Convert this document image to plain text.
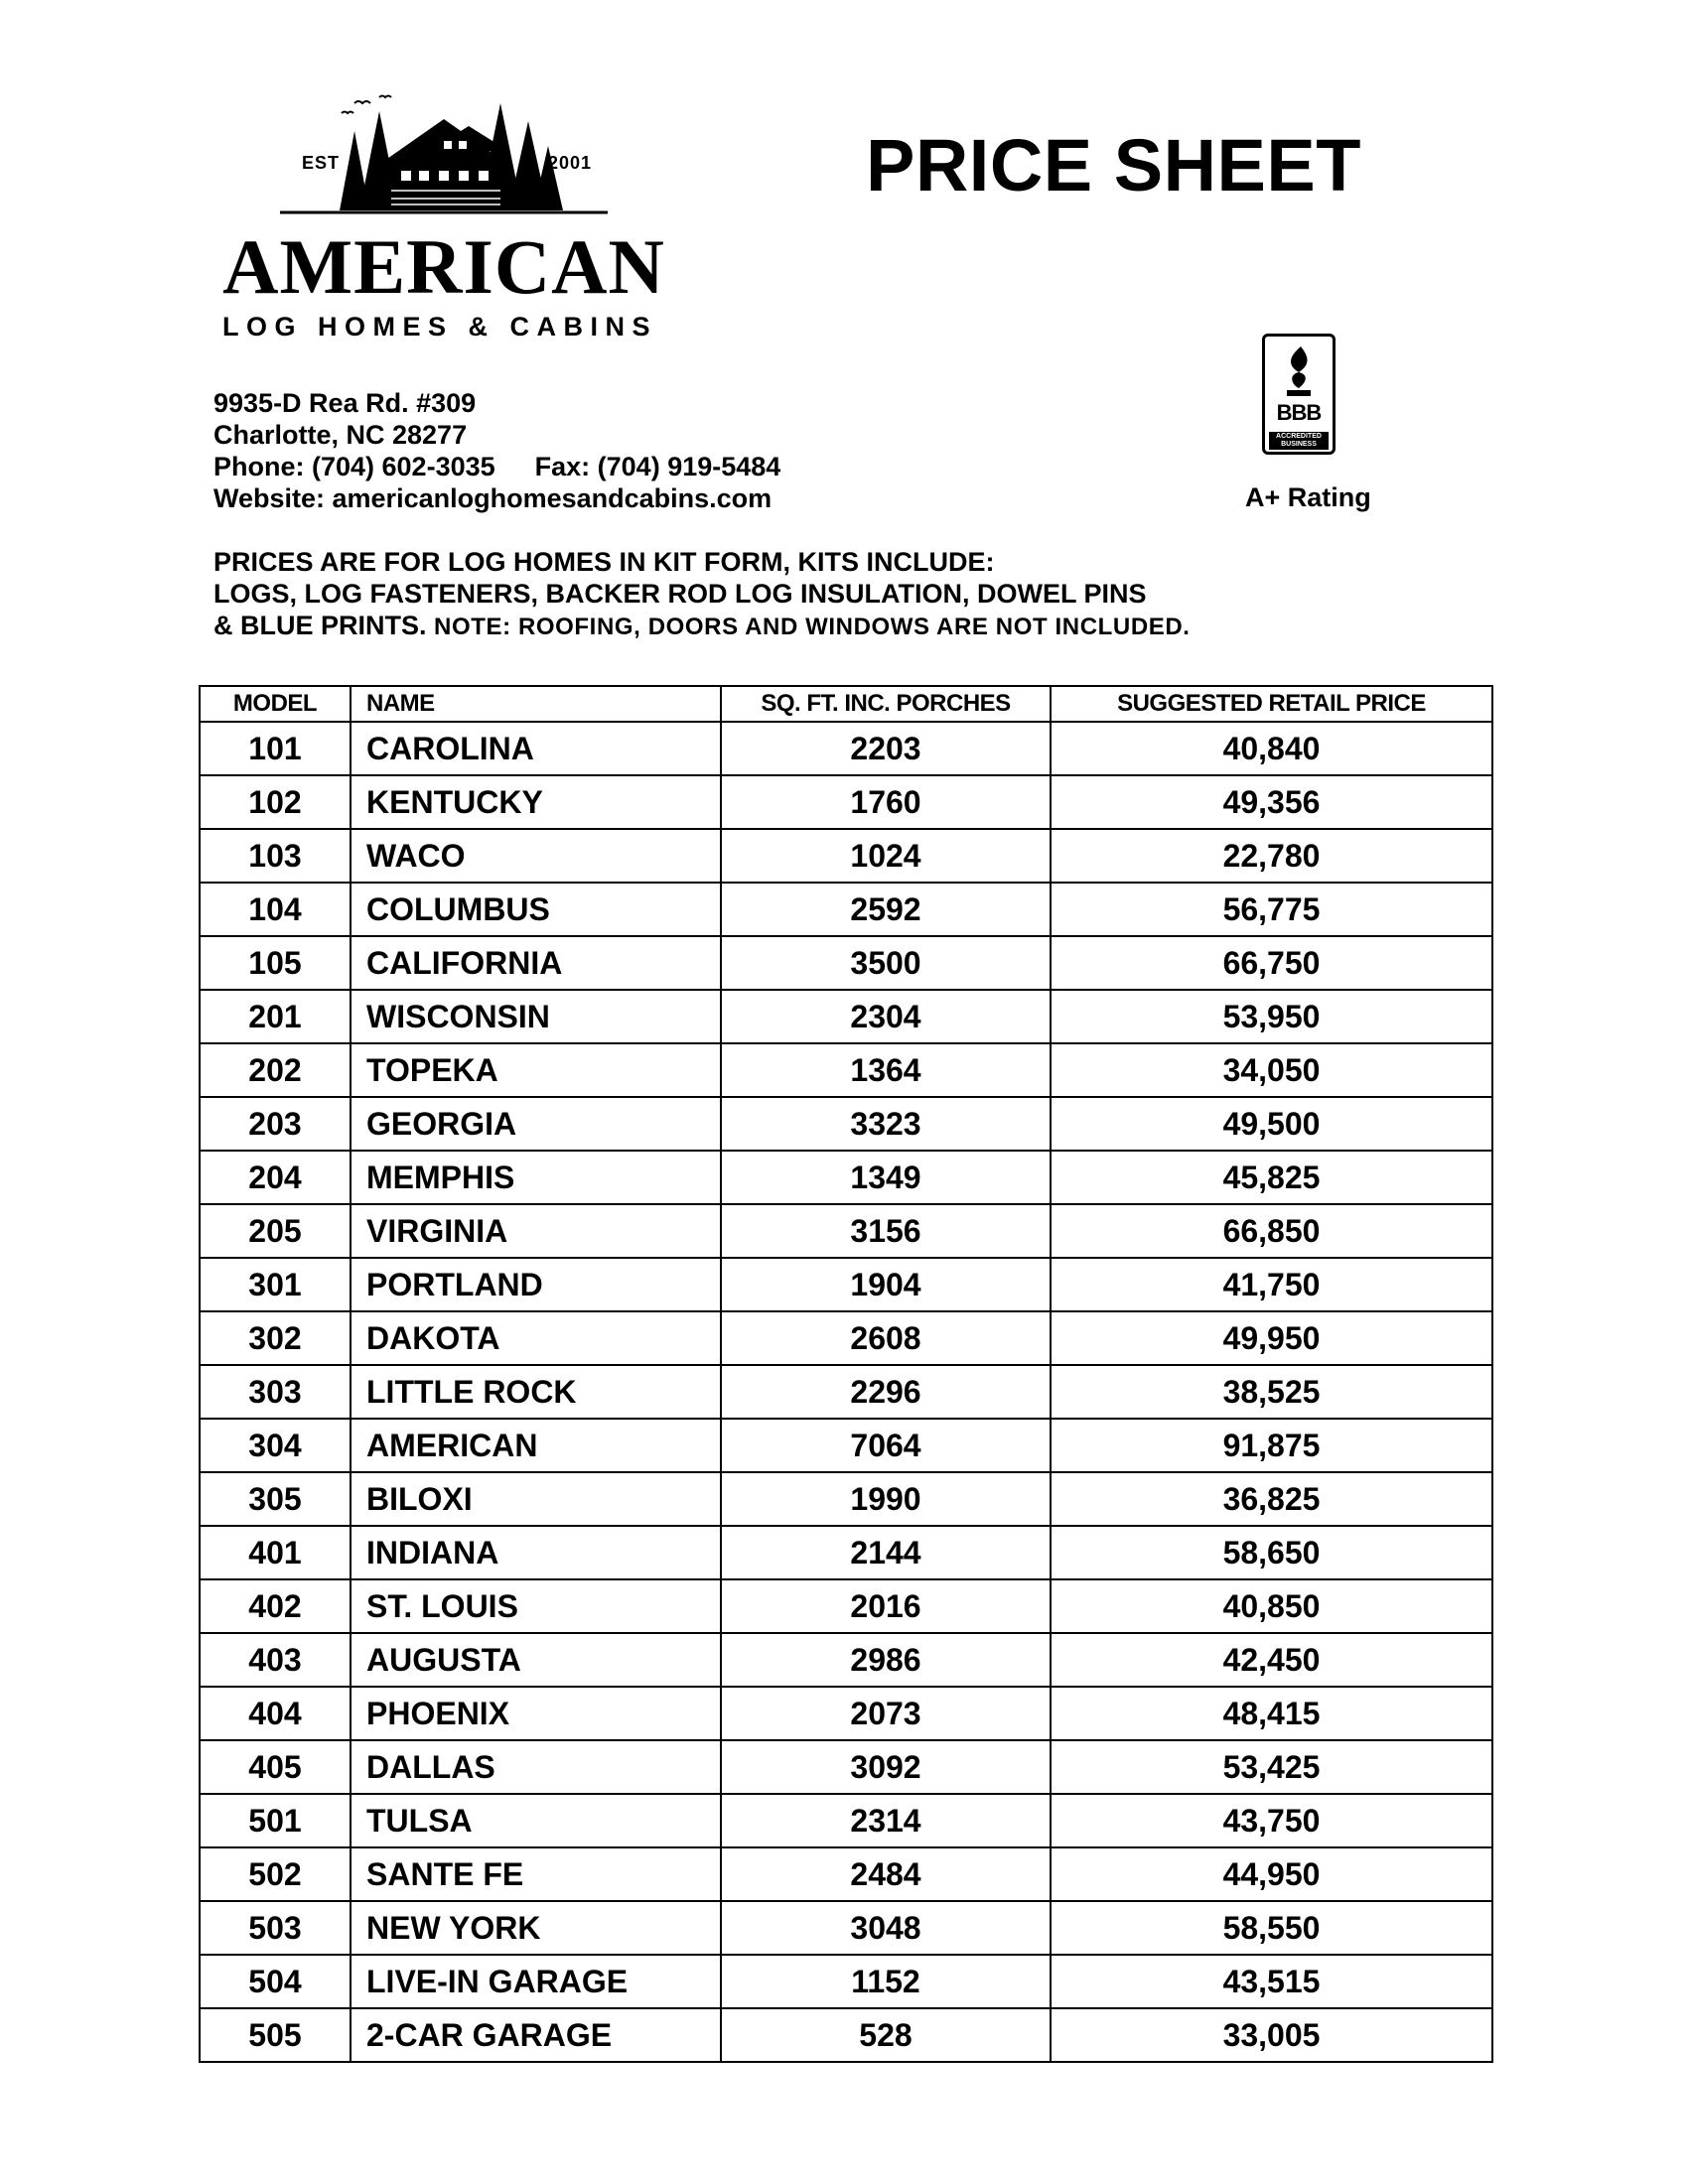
EST	2001
AMERICAN
LOG HOMES & CABINS
PRICE SHEET
BBB
ACCREDITED BUSINESS
A+ Rating
9935-D Rea Rd. #309
Charlotte, NC 28277
Phone: (704) 602-3035 Fax: (704) 919-5484
Website: americanloghomesandcabins.com
PRICES ARE FOR LOG HOMES IN KIT FORM, KITS INCLUDE:
LOGS, LOG FASTENERS, BACKER ROD LOG INSULATION, DOWEL PINS
& BLUE PRINTS. NOTE: ROOFING, DOORS AND WINDOWS ARE NOT INCLUDED.
MODEL	NAME	SQ. FT. INC. PORCHES	SUGGESTED RETAIL PRICE
101	CAROLINA	2203	40,840
102	KENTUCKY	1760	49,356
103	WACO	1024	22,780
104	COLUMBUS	2592	56,775
105	CALIFORNIA	3500	66,750
201	WISCONSIN	2304	53,950
202	TOPEKA	1364	34,050
203	GEORGIA	3323	49,500
204	MEMPHIS	1349	45,825
205	VIRGINIA	3156	66,850
301	PORTLAND	1904	41,750
302	DAKOTA	2608	49,950
303	LITTLE ROCK	2296	38,525
304	AMERICAN	7064	91,875
305	BILOXI	1990	36,825
401	INDIANA	2144	58,650
402	ST. LOUIS	2016	40,850
403	AUGUSTA	2986	42,450
404	PHOENIX	2073	48,415
405	DALLAS	3092	53,425
501	TULSA	2314	43,750
502	SANTE FE	2484	44,950
503	NEW YORK	3048	58,550
504	LIVE-IN GARAGE	1152	43,515
505	2-CAR GARAGE	528	33,005
